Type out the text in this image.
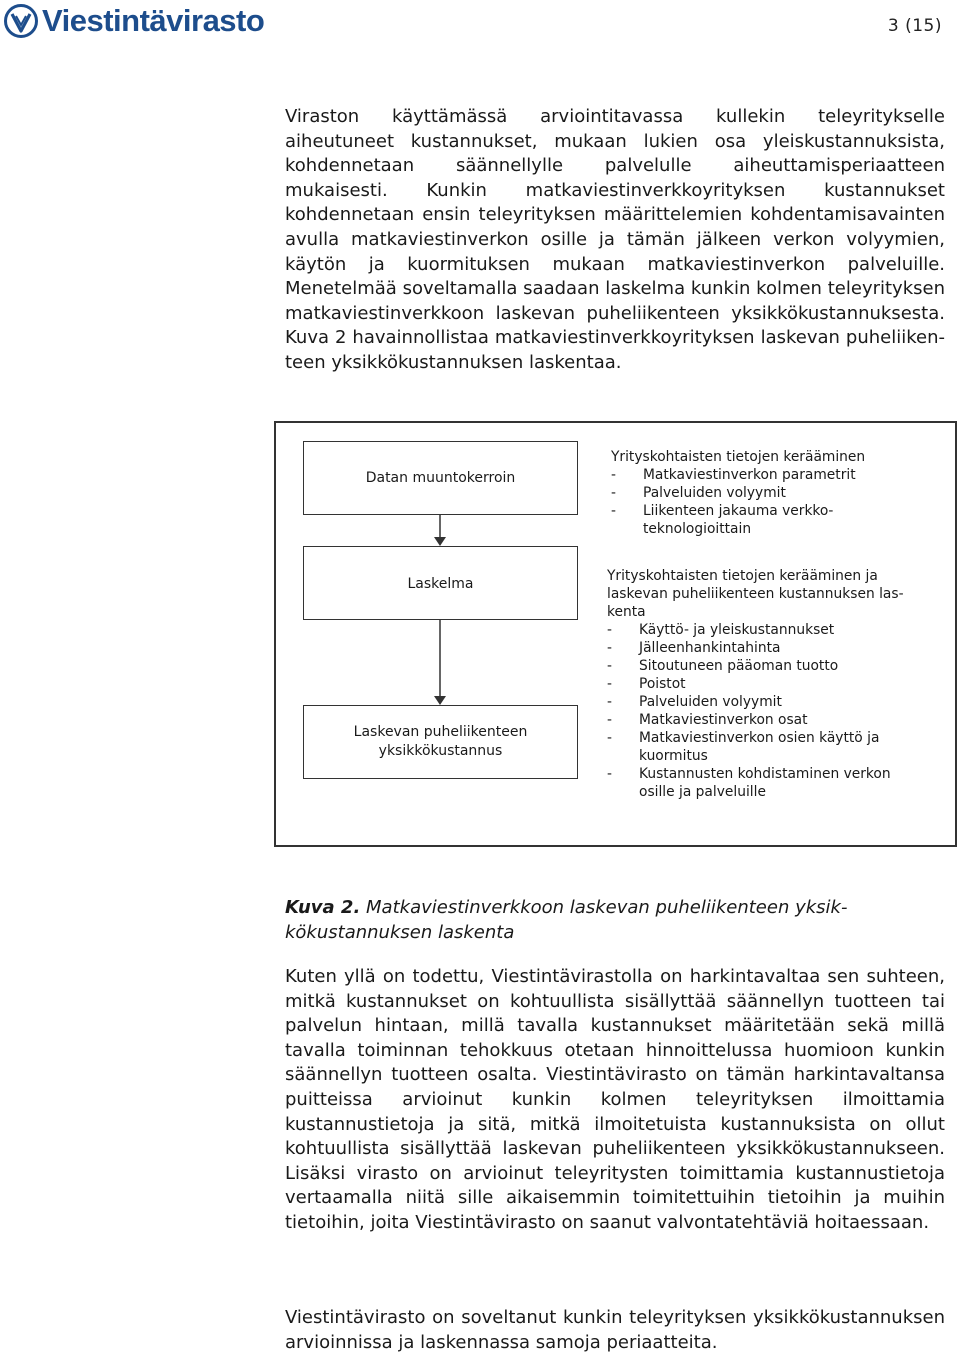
Viestintävirasto	3 (15)

Viraston käyttämässä arviointitavassa kullekin teleyritykselle aiheutuneet kustannukset, mukaan lukien osa yleiskustannuksista, kohdennetaan säännellylle palvelulle aiheuttamisperiaatteen mukaisesti. Kunkin matkaviestinverkkoyrityksen kustannukset kohdennetaan ensin teleyrityksen määrittelemien kohdentamisavainten avulla matkaviestinverkon osille ja tämän jälkeen verkon volyymien, käytön ja kuormituksen mukaan matkaviestinverkon palveluille. Menetelmää soveltamalla saadaan laskelma kunkin kolmen teleyrityksen matkaviestinverkkoon laskevan puheliikenteen yksikkökustannuksesta. Kuva 2 havainnollistaa matkaviestinverkkoyrityksen laskevan puheliikenteen yksikkökustannuksen laskentaa.

Datan muuntokerroin
Laskelma
Laskevan puheliikenteen
yksikkökustannus
Yrityskohtaisten tietojen kerääminen
- Matkaviestinverkon parametrit
- Palveluiden volyymit
- Liikenteen jakauma verkkoteknologioittain
Yrityskohtaisten tietojen kerääminen ja laskevan puheliikenteen kustannuksen laskenta
- Käyttö- ja yleiskustannukset
- Jälleenhankintahinta
- Sitoutuneen pääoman tuotto
- Poistot
- Palveluiden volyymit
- Matkaviestinverkon osat
- Matkaviestinverkon osien käyttö ja kuormitus
- Kustannusten kohdistaminen verkon osille ja palveluille

Kuva 2. Matkaviestinverkkoon laskevan puheliikenteen yksikkökustannuksen laskenta

Kuten yllä on todettu, Viestintävirastolla on harkintavaltaa sen suhteen, mitkä kustannukset on kohtuullista sisällyttää säännellyn tuotteen tai palvelun hintaan, millä tavalla kustannukset määritetään sekä millä tavalla toiminnan tehokkuus otetaan hinnoittelussa huomioon kunkin säännellyn tuotteen osalta. Viestintävirasto on tämän harkintavaltansa puitteissa arvioinut kunkin kolmen teleyrityksen ilmoittamia kustannustietoja ja sitä, mitkä ilmoitetuista kustannuksista on ollut kohtuullista sisällyttää laskevan puheliikenteen yksikkökustannukseen. Lisäksi virasto on arvioinut teleyritysten toimittamia kustannustietoja vertaamalla niitä sille aikaisemmin toimitettuihin tietoihin ja muihin tietoihin, joita Viestintävirasto on saanut valvontatehtäviä hoitaessaan.

Viestintävirasto on soveltanut kunkin teleyrityksen yksikkökustannuksen arvioinnissa ja laskennassa samoja periaatteita.
